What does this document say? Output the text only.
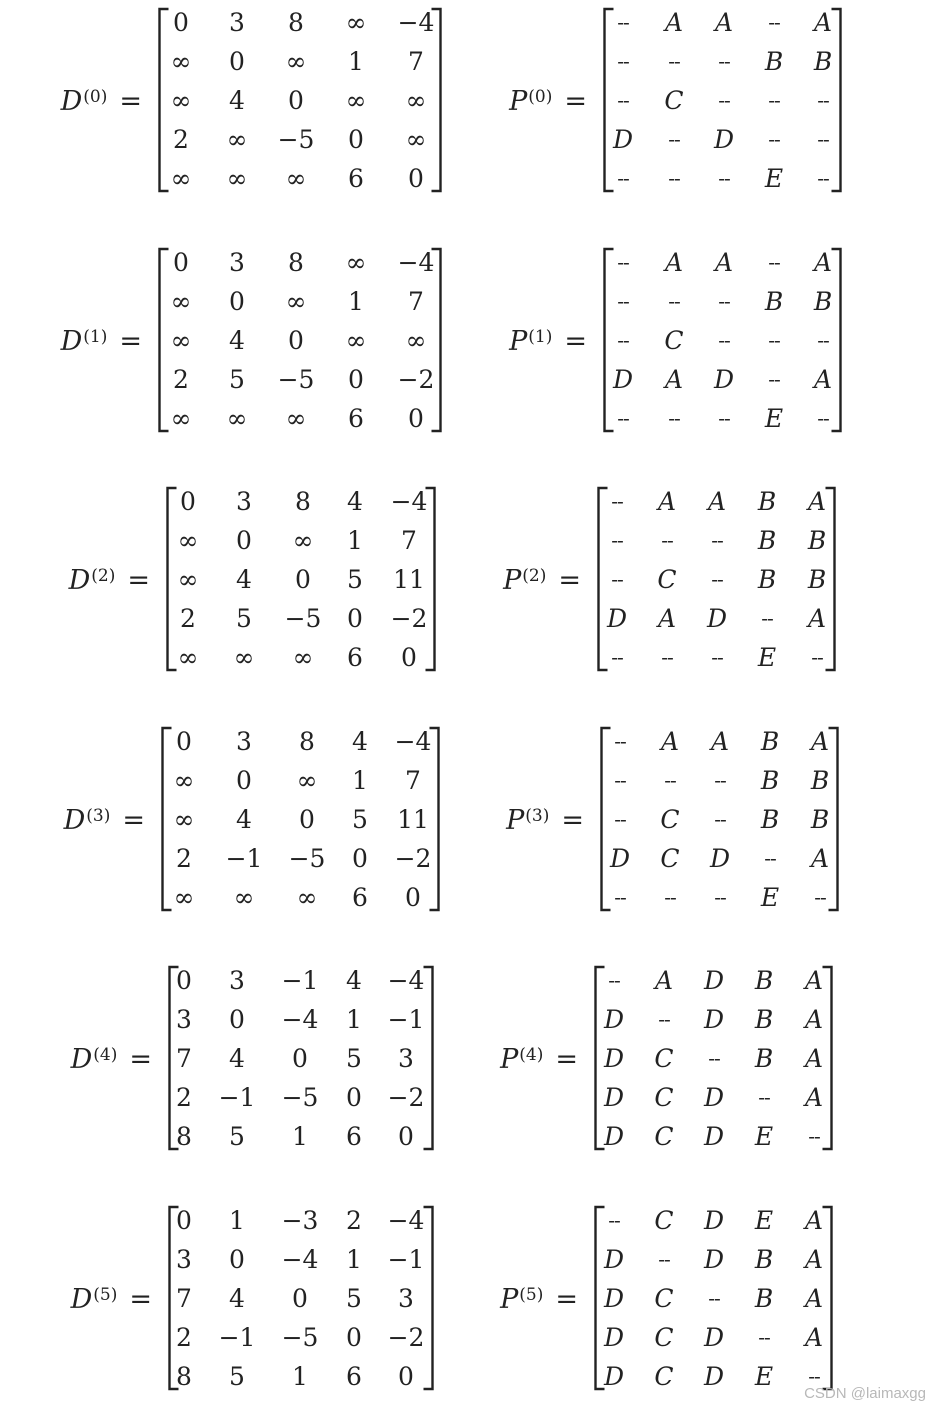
$D^{(0)}$ =
0	3	8	∞	−4
∞	0	∞	1	7
∞	4	0	∞	∞
2	∞	−5	0	∞
∞	∞	∞	6	0
$P^{(0)}$ =
--	A	A	--	A
--	--	--	B	B
--	C	--	--	--
D	--	D	--	--
--	--	--	E	--
$D^{(1)}$ =
0	3	8	∞	−4
∞	0	∞	1	7
∞	4	0	∞	∞
2	5	−5	0	−2
∞	∞	∞	6	0
$P^{(1)}$ =
--	A	A	--	A
--	--	--	B	B
--	C	--	--	--
D	A	D	--	A
--	--	--	E	--
$D^{(2)}$ =
0	3	8	4	−4
∞	0	∞	1	7
∞	4	0	5	11
2	5	−5	0	−2
∞	∞	∞	6	0
$P^{(2)}$ =
--	A	A	B	A
--	--	--	B	B
--	C	--	B	B
D	A	D	--	A
--	--	--	E	--
$D^{(3)}$ =
0	3	8	4	−4
∞	0	∞	1	7
∞	4	0	5	11
2	−1	−5	0	−2
∞	∞	∞	6	0
$P^{(3)}$ =
--	A	A	B	A
--	--	--	B	B
--	C	--	B	B
D	C	D	--	A
--	--	--	E	--
$D^{(4)}$ =
0	3	−1	4	−4
3	0	−4	1	−1
7	4	0	5	3
2	−1	−5	0	−2
8	5	1	6	0
$P^{(4)}$ =
--	A	D	B	A
D	--	D	B	A
D	C	--	B	A
D	C	D	--	A
D	C	D	E	--
$D^{(5)}$ =
0	1	−3	2	−4
3	0	−4	1	−1
7	4	0	5	3
2	−1	−5	0	−2
8	5	1	6	0
$P^{(5)}$ =
--	C	D	E	A
D	--	D	B	A
D	C	--	B	A
D	C	D	--	A
D	C	D	E	--
CSDN @laimaxgg
